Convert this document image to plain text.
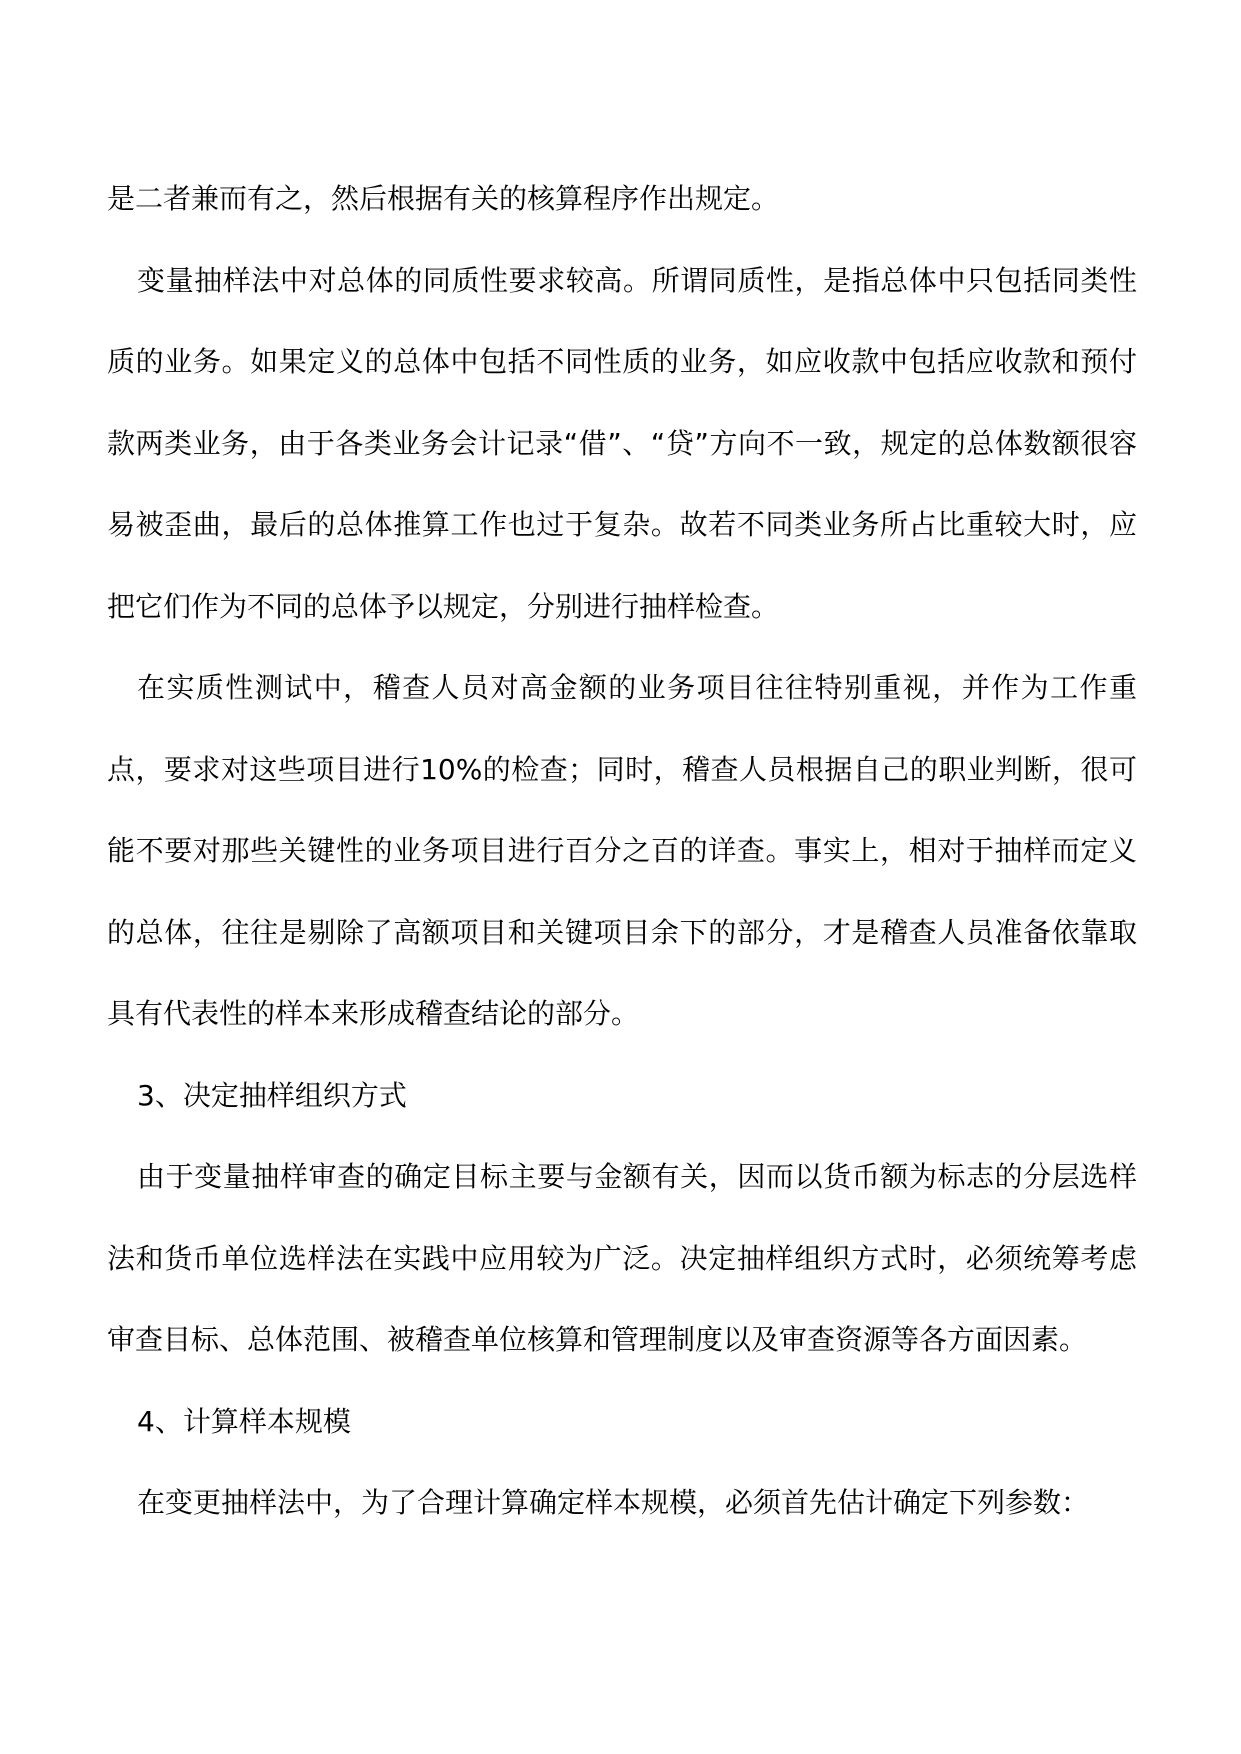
是二者兼而有之，然后根据有关的核算程序作出规定。

变量抽样法中对总体的同质性要求较高。所谓同质性，是指总体中只包括同类性质的业务。如果定义的总体中包括不同性质的业务，如应收款中包括应收款和预付款两类业务，由于各类业务会计记录“借”、“贷”方向不一致，规定的总体数额很容易被歪曲，最后的总体推算工作也过于复杂。故若不同类业务所占比重较大时，应把它们作为不同的总体予以规定，分别进行抽样检查。

在实质性测试中，稽查人员对高金额的业务项目往往特别重视，并作为工作重点，要求对这些项目进行10%的检查；同时，稽查人员根据自己的职业判断，很可能不要对那些关键性的业务项目进行百分之百的详查。事实上，相对于抽样而定义的总体，往往是剔除了高额项目和关键项目余下的部分，才是稽查人员准备依靠取具有代表性的样本来形成稽查结论的部分。

3、决定抽样组织方式

由于变量抽样审查的确定目标主要与金额有关，因而以货币额为标志的分层选样法和货币单位选样法在实践中应用较为广泛。决定抽样组织方式时，必须统筹考虑审查目标、总体范围、被稽查单位核算和管理制度以及审查资源等各方面因素。

4、计算样本规模

在变更抽样法中，为了合理计算确定样本规模，必须首先估计确定下列参数：
